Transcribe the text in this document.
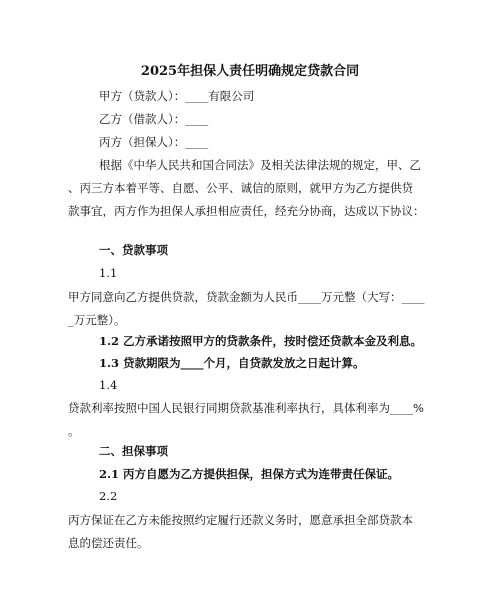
2025年担保人责任明确规定贷款合同
甲方（贷款人）：____有限公司
乙方（借款人）：____
丙方（担保人）：____
根据《中华人民共和国合同法》及相关法律法规的规定，甲、乙
、丙三方本着平等、自愿、公平、诚信的原则，就甲方为乙方提供贷
款事宜，丙方作为担保人承担相应责任，经充分协商，达成以下协议：
一、贷款事项
1.1
甲方同意向乙方提供贷款，贷款金额为人民币____万元整（大写：____
_万元整）。
1.2 乙方承诺按照甲方的贷款条件，按时偿还贷款本金及利息。
1.3 贷款期限为____个月，自贷款发放之日起计算。
1.4
贷款利率按照中国人民银行同期贷款基准利率执行，具体利率为____%
。
二、担保事项
2.1 丙方自愿为乙方提供担保，担保方式为连带责任保证。
2.2
丙方保证在乙方未能按照约定履行还款义务时，愿意承担全部贷款本
息的偿还责任。
